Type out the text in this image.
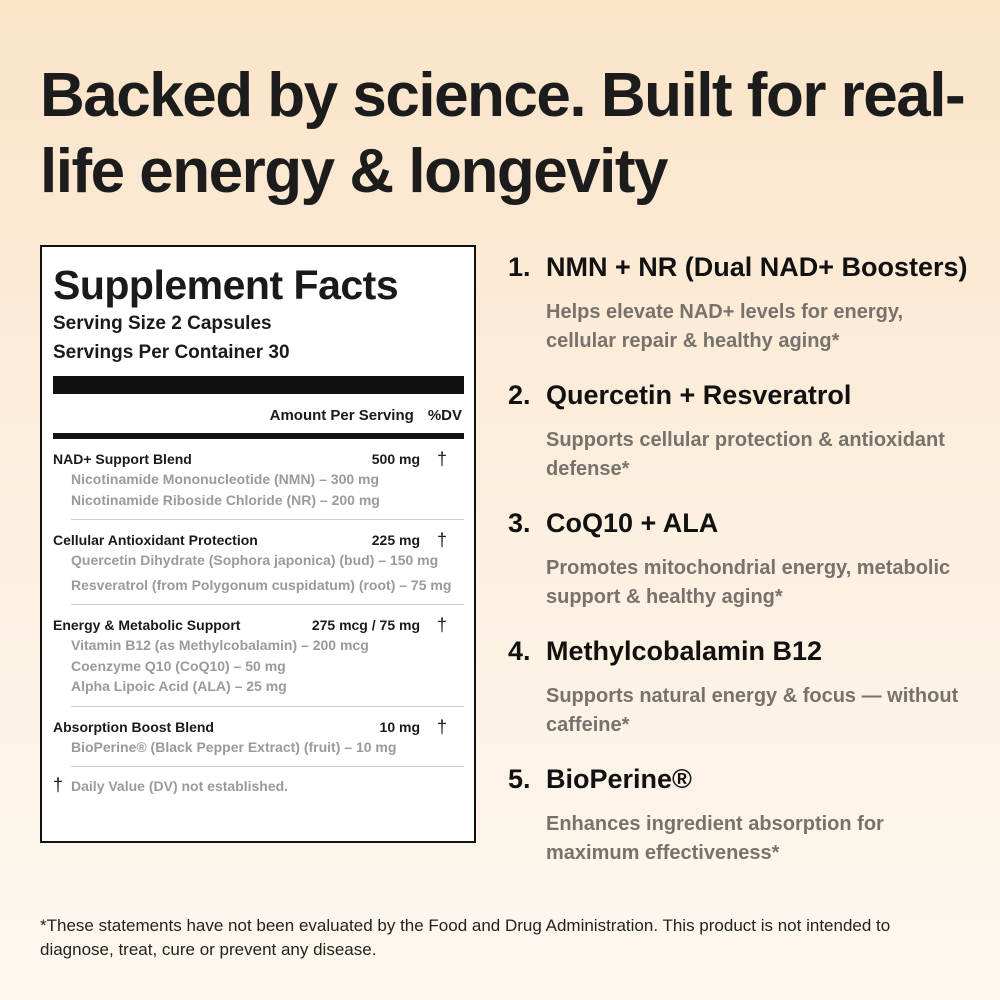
Backed by science. Built for real-life energy & longevity
Supplement Facts
Serving Size 2 Capsules
Servings Per Container 30
Amount Per Serving %DV
NAD+ Support Blend	500 mg †
Nicotinamide Mononucleotide (NMN) – 300 mg
Nicotinamide Riboside Chloride (NR) – 200 mg
Cellular Antioxidant Protection	225 mg †
Quercetin Dihydrate (Sophora japonica) (bud) – 150 mg
Resveratrol (from Polygonum cuspidatum) (root) – 75 mg
Energy & Metabolic Support	275 mcg / 75 mg †
Vitamin B12 (as Methylcobalamin) – 200 mcg
Coenzyme Q10 (CoQ10) – 50 mg
Alpha Lipoic Acid (ALA) – 25 mg
Absorption Boost Blend	10 mg †
BioPerine® (Black Pepper Extract) (fruit) – 10 mg
† Daily Value (DV) not established.
1. NMN + NR (Dual NAD+ Boosters)

Helps elevate NAD+ levels for energy, cellular repair & healthy aging*

2. Quercetin + Resveratrol

Supports cellular protection & antioxidant defense*

3. CoQ10 + ALA

Promotes mitochondrial energy, metabolic support & healthy aging*

4. Methylcobalamin B12

Supports natural energy & focus — without caffeine*

5. BioPerine®

Enhances ingredient absorption for maximum effectiveness*

*These statements have not been evaluated by the Food and Drug Administration. This product is not intended to diagnose, treat, cure or prevent any disease.
